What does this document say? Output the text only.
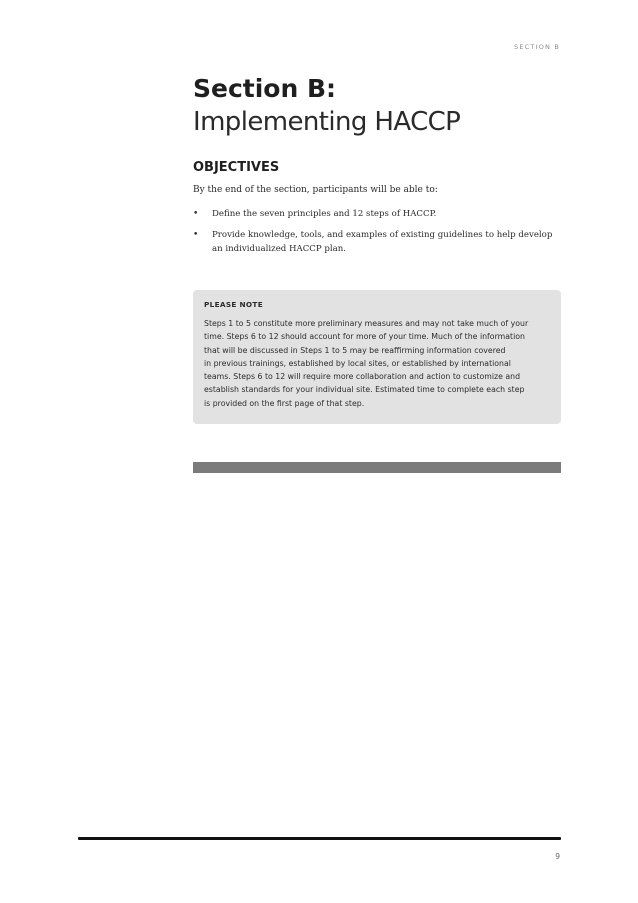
SECTION B
Section B:
Implementing HACCP
OBJECTIVES

By the end of the section, participants will be able to:

• Define the seven principles and 12 steps of HACCP.
• Provide knowledge, tools, and examples of existing guidelines to help develop an individualized HACCP plan.

PLEASE NOTE

Steps 1 to 5 constitute more preliminary measures and may not take much of your
time. Steps 6 to 12 should account for more of your time. Much of the information
that will be discussed in Steps 1 to 5 may be reaffirming information covered
in previous trainings, established by local sites, or established by international
teams. Steps 6 to 12 will require more collaboration and action to customize and
establish standards for your individual site. Estimated time to complete each step
is provided on the first page of that step.

9
